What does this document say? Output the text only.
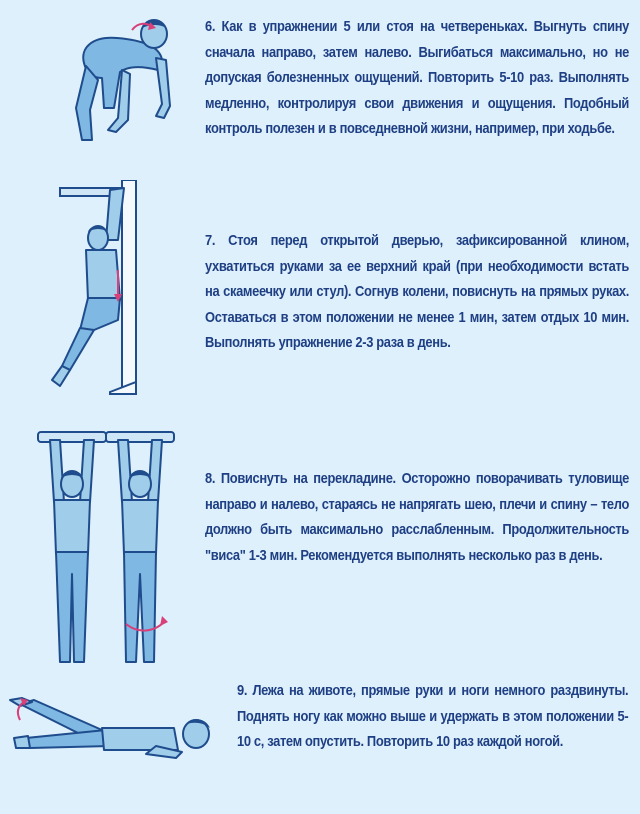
6. Как в упражнении 5 или стоя на четвереньках. Выгнуть спину сначала направо, затем налево. Выгибаться максимально, но не допуская болезненных ощущений. Повторить 5-10 раз. Выполнять медленно, контролируя свои движения и ощущения. Подобный контроль полезен и в повседневной жизни, например, при ходьбе.

7. Стоя перед открытой дверью, зафиксированной клином, ухватиться руками за ее верхний край (при необходимости встать на скамеечку или стул). Согнув колени, повиснуть на прямых руках. Оставаться в этом положении не менее 1 мин, затем отдых 10 мин. Выполнять упражнение 2-3 раза в день.

8. Повиснуть на перекладине. Осторожно поворачивать туловище направо и налево, стараясь не напрягать шею, плечи и спину – тело должно быть максимально расслабленным. Продолжительность "виса" 1-3 мин. Рекомендуется выполнять несколько раз в день.

9. Лежа на животе, прямые руки и ноги немного раздвинуты. Поднять ногу как можно выше и удержать в этом положении 5-10 с, затем опустить. Повторить 10 раз каждой ногой.
